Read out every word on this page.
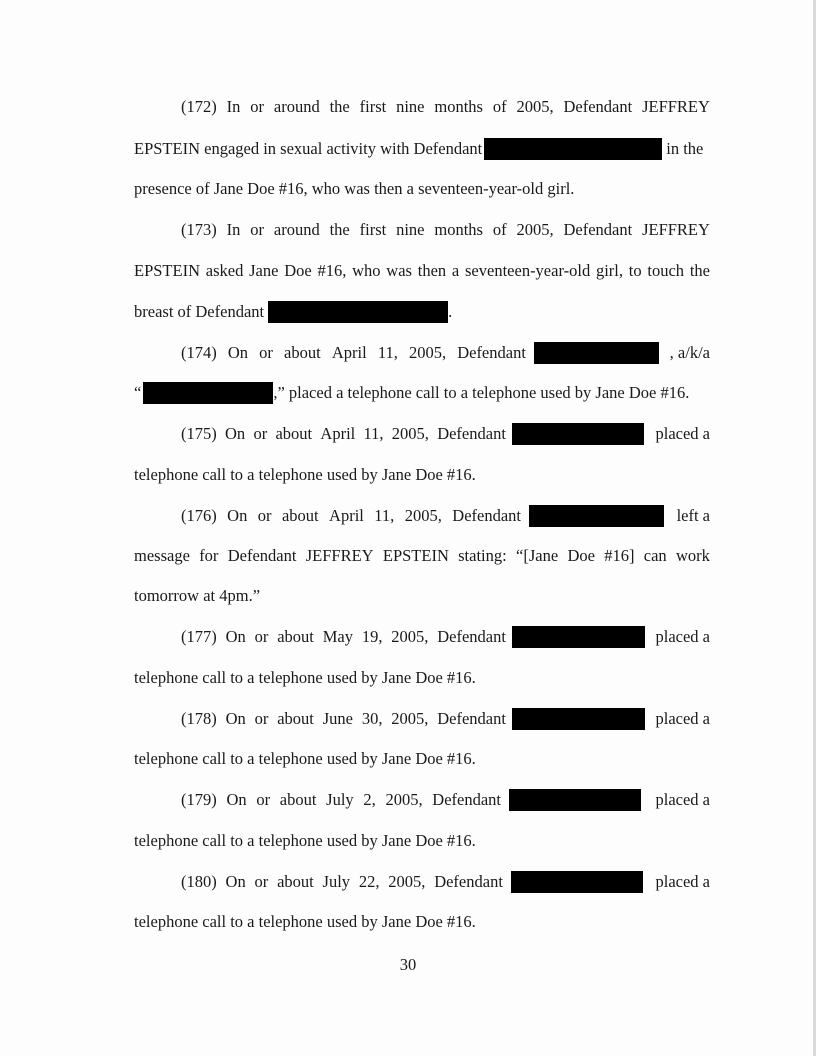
(172) In or around the first nine months of 2005, Defendant JEFFREY
EPSTEIN engaged in sexual activity with Defendant	in the
presence of Jane Doe #16, who was then a seventeen-year-old girl.
(173) In or around the first nine months of 2005, Defendant JEFFREY
EPSTEIN asked Jane Doe #16, who was then a seventeen-year-old girl, to touch the
breast of Defendant	.
(174) On or about April 11, 2005, Defendant	, a/k/a
“	,” placed a telephone call to a telephone used by Jane Doe #16.
(175) On or about April 11, 2005, Defendant	placed a
telephone call to a telephone used by Jane Doe #16.
(176) On or about April 11, 2005, Defendant	left a
message for Defendant JEFFREY EPSTEIN stating: “[Jane Doe #16] can work
tomorrow at 4pm.”
(177) On or about May 19, 2005, Defendant	placed a
telephone call to a telephone used by Jane Doe #16.
(178) On or about June 30, 2005, Defendant	placed a
telephone call to a telephone used by Jane Doe #16.
(179) On or about July 2, 2005, Defendant	placed a
telephone call to a telephone used by Jane Doe #16.
(180) On or about July 22, 2005, Defendant	placed a
telephone call to a telephone used by Jane Doe #16.
30
